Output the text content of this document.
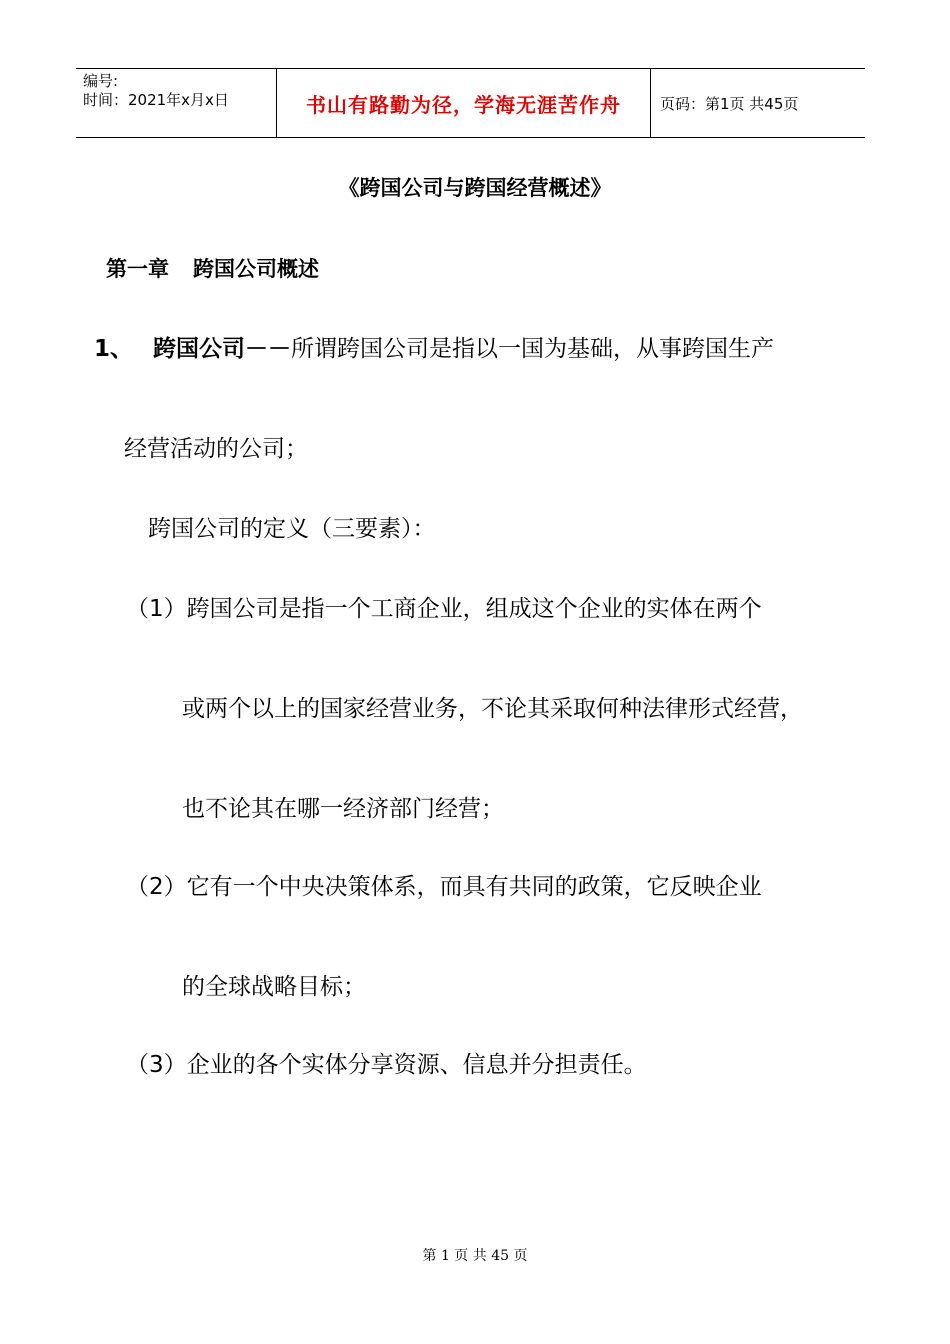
编号:
时间：2021年x月x日	书山有路勤为径，学海无涯苦作舟	页码：第1页 共45页
《跨国公司与跨国经营概述》
第一章 跨国公司概述
1、 跨国公司－－所谓跨国公司是指以一国为基础，从事跨国生产
经营活动的公司；
跨国公司的定义（三要素）：
（1）跨国公司是指一个工商企业，组成这个企业的实体在两个
或两个以上的国家经营业务，不论其采取何种法律形式经营，
也不论其在哪一经济部门经营；
（2）它有一个中央决策体系，而具有共同的政策，它反映企业
的全球战略目标；
（3）企业的各个实体分享资源、信息并分担责任。
第 1 页 共 45 页
